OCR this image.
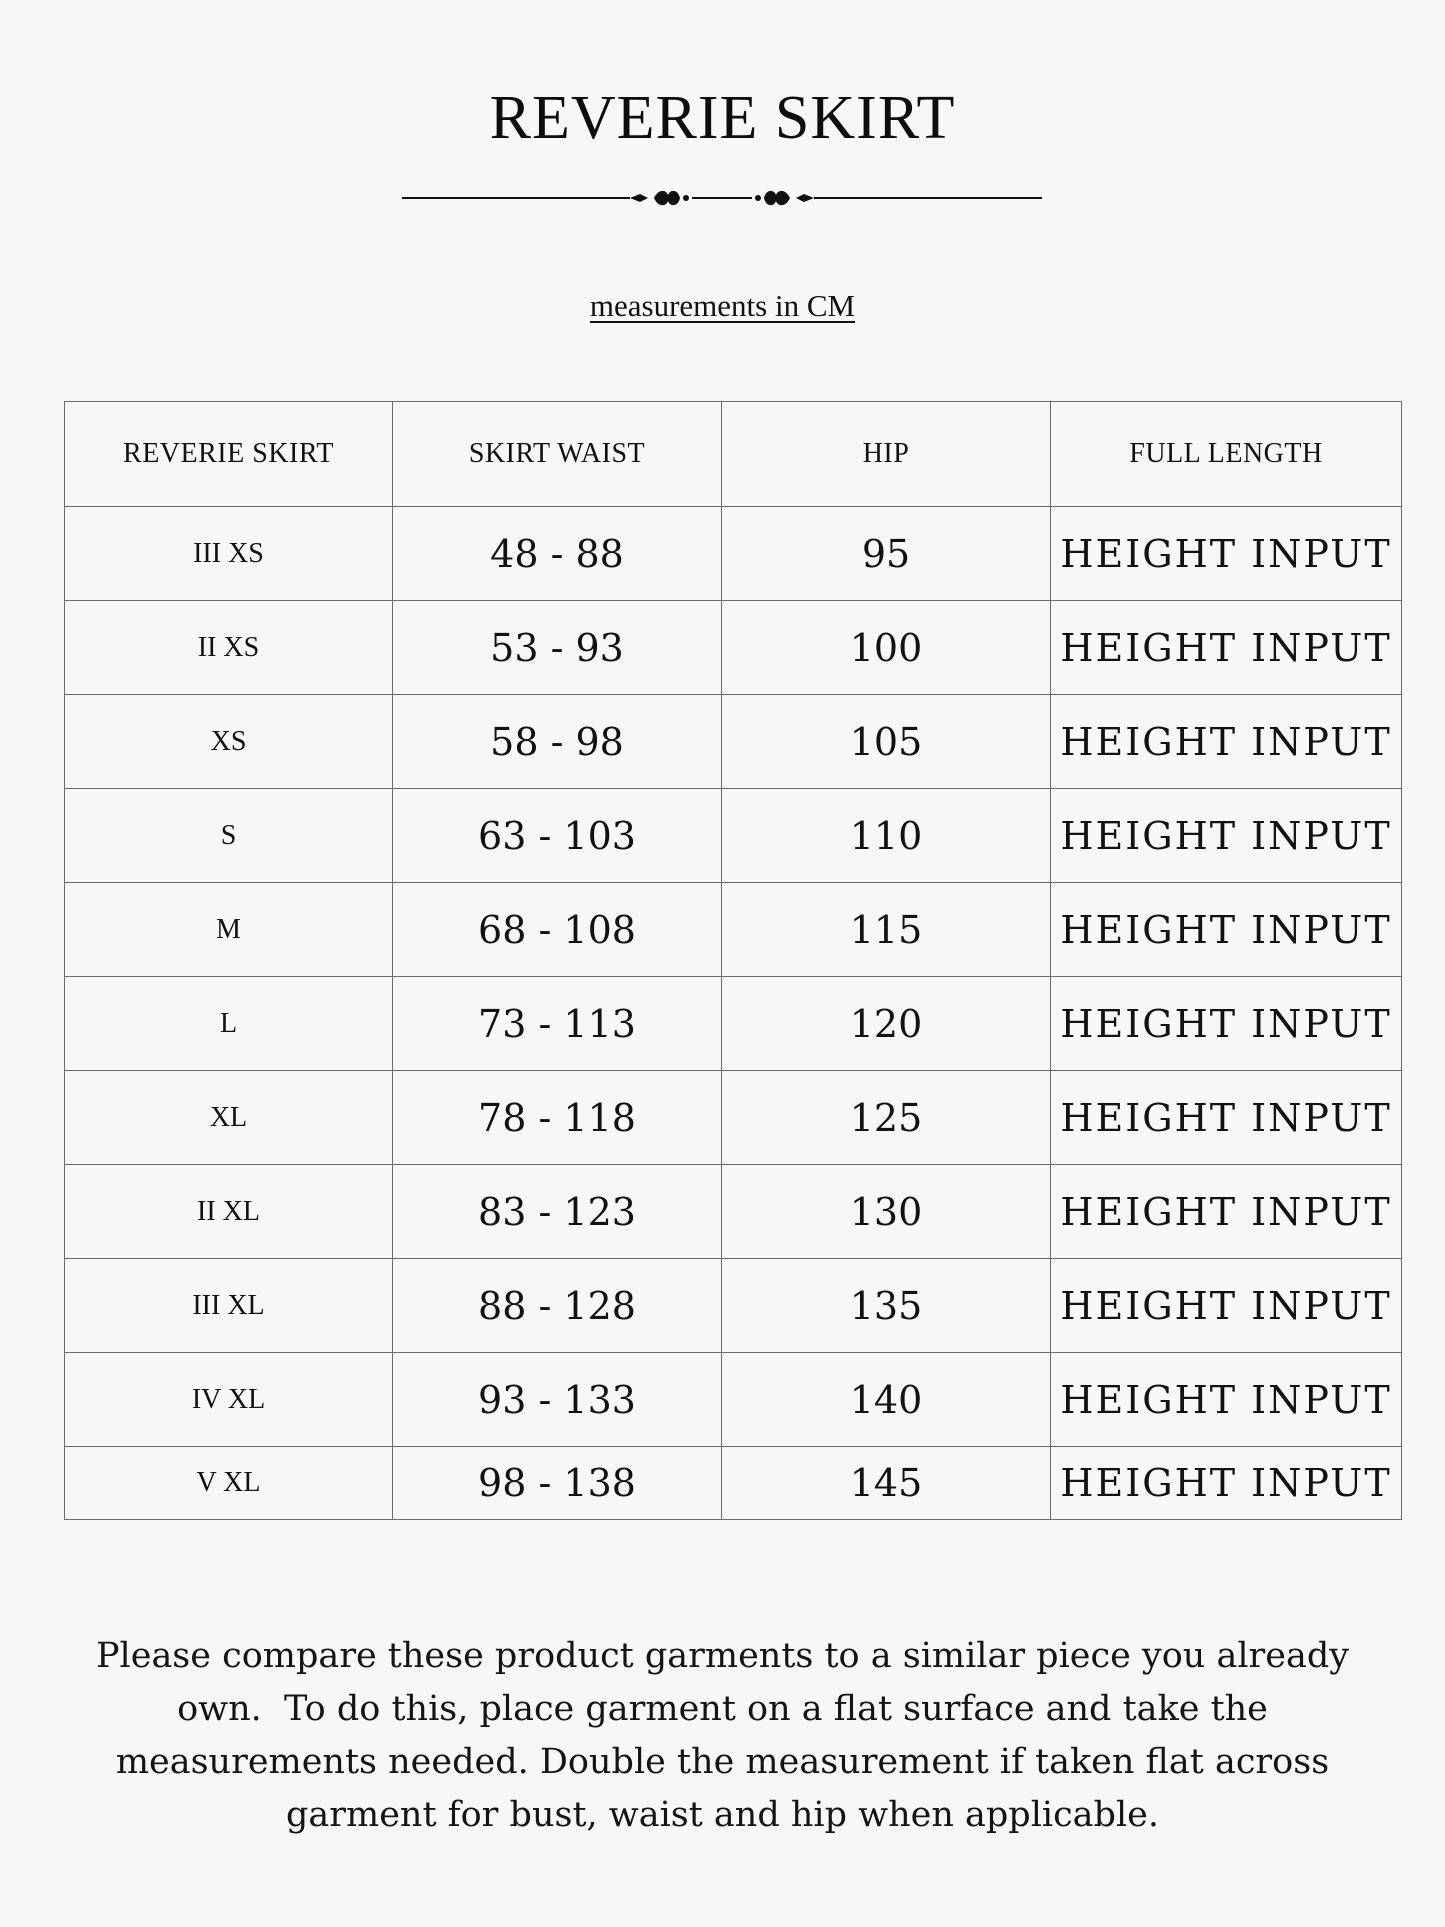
REVERIE SKIRT
measurements in CM
REVERIE SKIRT	SKIRT WAIST	HIP	FULL LENGTH
III XS	48 - 88	95	HEIGHT INPUT
II XS	53 - 93	100	HEIGHT INPUT
XS	58 - 98	105	HEIGHT INPUT
S	63 - 103	110	HEIGHT INPUT
M	68 - 108	115	HEIGHT INPUT
L	73 - 113	120	HEIGHT INPUT
XL	78 - 118	125	HEIGHT INPUT
II XL	83 - 123	130	HEIGHT INPUT
III XL	88 - 128	135	HEIGHT INPUT
IV XL	93 - 133	140	HEIGHT INPUT
V XL	98 - 138	145	HEIGHT INPUT
Please compare these product garments to a similar piece you already
own.  To do this, place garment on a flat surface and take the
measurements needed. Double the measurement if taken flat across
garment for bust, waist and hip when applicable.
